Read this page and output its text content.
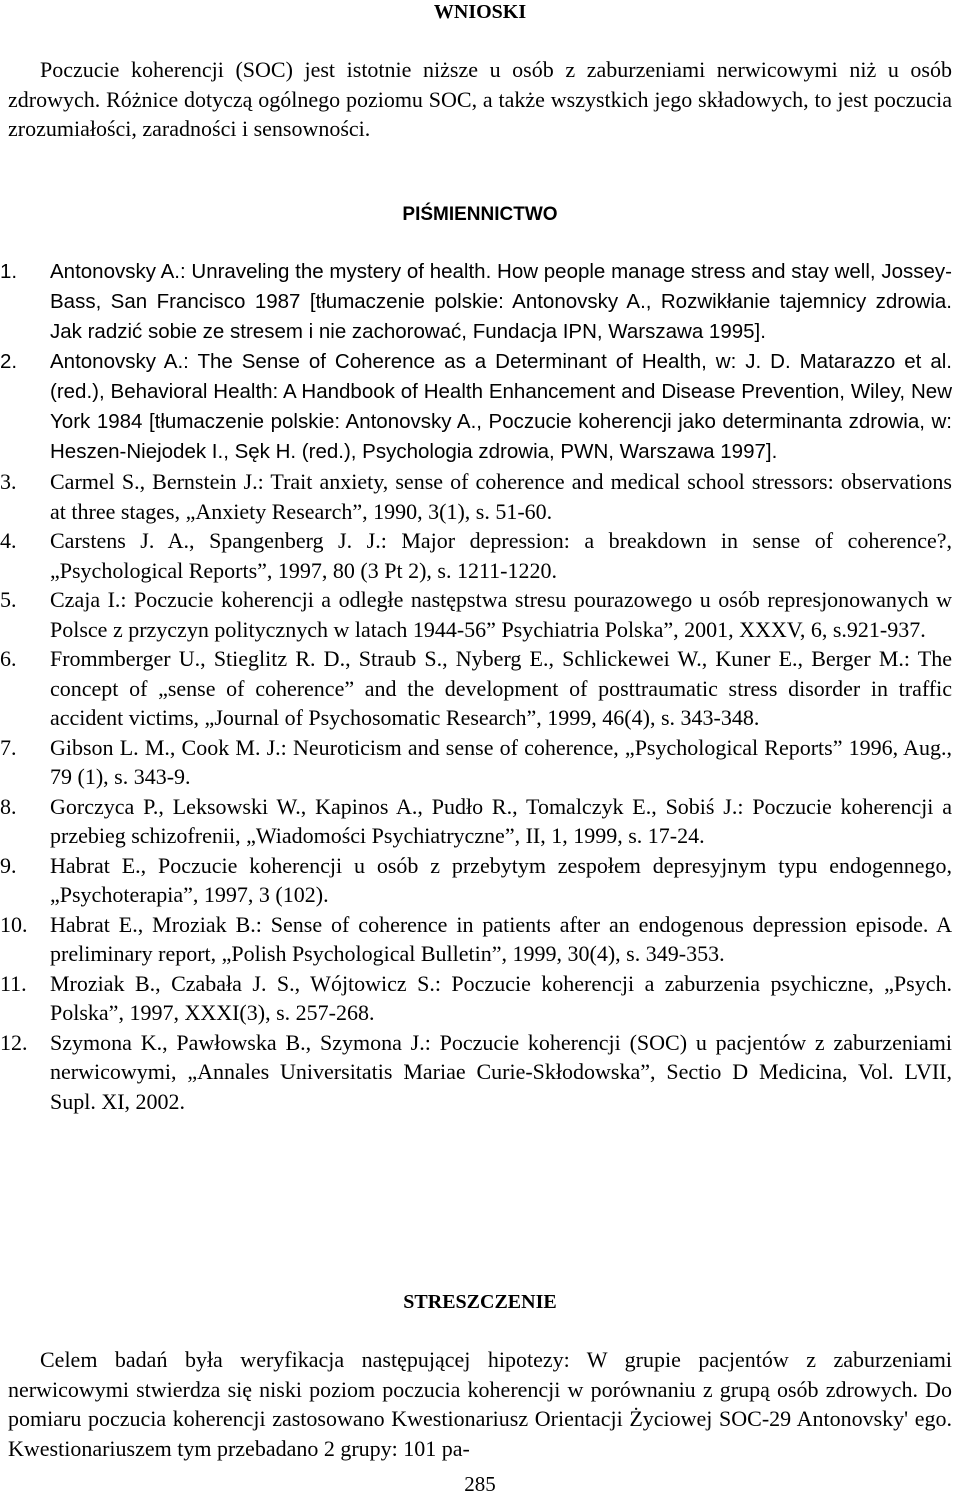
WNIOSKI

Poczucie koherencji (SOC) jest istotnie niższe u osób z zaburzeniami nerwicowymi niż u osób zdrowych. Różnice dotyczą ogólnego poziomu SOC, a także wszystkich jego składowych, to jest poczucia zrozumiałości, zaradności i sensowności.

PIŚMIENNICTWO
1.	Antonovsky A.: Unraveling the mystery of health. How people manage stress and stay well, Jossey-Bass, San Francisco 1987 [tłumaczenie polskie: Antonovsky A., Rozwikłanie tajemnicy zdrowia. Jak radzić sobie ze stresem i nie zachorować, Fundacja IPN, Warszawa 1995].
2.	Antonovsky A.: The Sense of Coherence as a Determinant of Health, w: J. D. Matarazzo et al. (red.), Behavioral Health: A Handbook of Health Enhancement and Disease Prevention, Wiley, New York 1984 [tłumaczenie polskie: Antonovsky A., Poczucie koherencji jako determinanta zdrowia, w: Heszen-Niejodek I., Sęk H. (red.), Psychologia zdrowia, PWN, Warszawa 1997].
3.	Carmel S., Bernstein J.: Trait anxiety, sense of coherence and medical school stressors: observations at three stages, „Anxiety Research”, 1990, 3(1), s. 51-60.
4.	Carstens J. A., Spangenberg J. J.: Major depression: a breakdown in sense of coherence?, „Psychological Reports”, 1997, 80 (3 Pt 2), s. 1211-1220.
5.	Czaja I.: Poczucie koherencji a odległe następstwa stresu pourazowego u osób represjonowanych w Polsce z przyczyn politycznych w latach 1944-56” Psychiatria Polska”, 2001, XXXV, 6, s.921-937.
6.	Frommberger U., Stieglitz R. D., Straub S., Nyberg E., Schlickewei W., Kuner E., Berger M.: The concept of „sense of coherence” and the development of posttraumatic stress disorder in traffic accident victims, „Journal of Psychosomatic Research”, 1999, 46(4), s. 343-348.
7.	Gibson L. M., Cook M. J.: Neuroticism and sense of coherence, „Psychological Reports” 1996, Aug., 79 (1), s. 343-9.
8.	Gorczyca P., Leksowski W., Kapinos A., Pudło R., Tomalczyk E., Sobiś J.: Poczucie koherencji a przebieg schizofrenii, „Wiadomości Psychiatryczne”, II, 1, 1999, s. 17-24.
9.	Habrat E., Poczucie koherencji u osób z przebytym zespołem depresyjnym typu endogennego, „Psychoterapia”, 1997, 3 (102).
10.	Habrat E., Mroziak B.: Sense of coherence in patients after an endogenous depression episode. A preliminary report, „Polish Psychological Bulletin”, 1999, 30(4), s. 349-353.
11.	Mroziak B., Czabała J. S., Wójtowicz S.: Poczucie koherencji a zaburzenia psychiczne, „Psych. Polska”, 1997, XXXI(3), s. 257-268.
12.	Szymona K., Pawłowska B., Szymona J.: Poczucie koherencji (SOC) u pacjentów z zaburzeniami nerwicowymi, „Annales Universitatis Mariae Curie-Skłodowska”, Sectio D Medicina, Vol. LVII, Supl. XI, 2002.
STRESZCZENIE

Celem badań była weryfikacja następującej hipotezy: W grupie pacjentów z zaburzeniami nerwicowymi stwierdza się niski poziom poczucia koherencji w porównaniu z grupą osób zdrowych. Do pomiaru poczucia koherencji zastosowano Kwestionariusz Orientacji Życiowej SOC-29 Antonovsky' ego. Kwestionariuszem tym przebadano 2 grupy: 101 pa-

285
